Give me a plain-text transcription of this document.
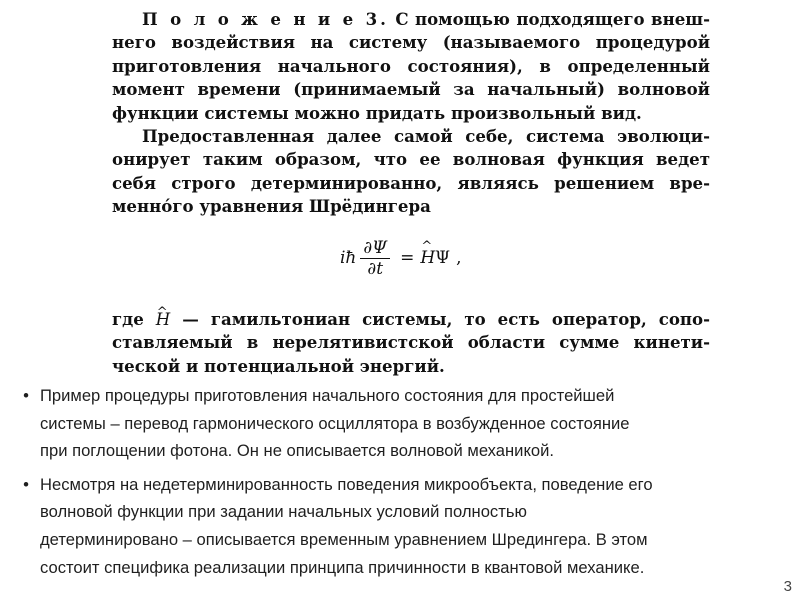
П о л о ж е н и е 3. С помощью подходящего внеш-
него воздействия на систему (называемого процедурой
приготовления начального состояния), в определенный
момент времени (принимаемый за начальный) волновой
функции системы можно придать произвольный вид.

Предоставленная далее самой себе, система эволюци-
онирует таким образом, что ее волновая функция ведет
себя строго детерминированно, являясь решением вре-
менно́го уравнения Шрёдингера

iħ $\frac{\partial\Psi}{\partial t}$ = ^ H Ψ ,

где ^ H — гамильтониан системы, то есть оператор, сопо-
ставляемый в нерелятивистской области сумме кинети-
ческой и потенциальной энергий.

• Пример процедуры приготовления начального состояния для простейшей
системы – перевод гармонического осциллятора в возбужденное состояние
при поглощении фотона. Он не описывается волновой механикой.
• Несмотря на недетерминированность поведения микрообъекта, поведение его
волновой функции при задании начальных условий полностью
детерминировано – описывается временным уравнением Шредингера. В этом
состоит специфика реализации принципа причинности в квантовой механике.
3
